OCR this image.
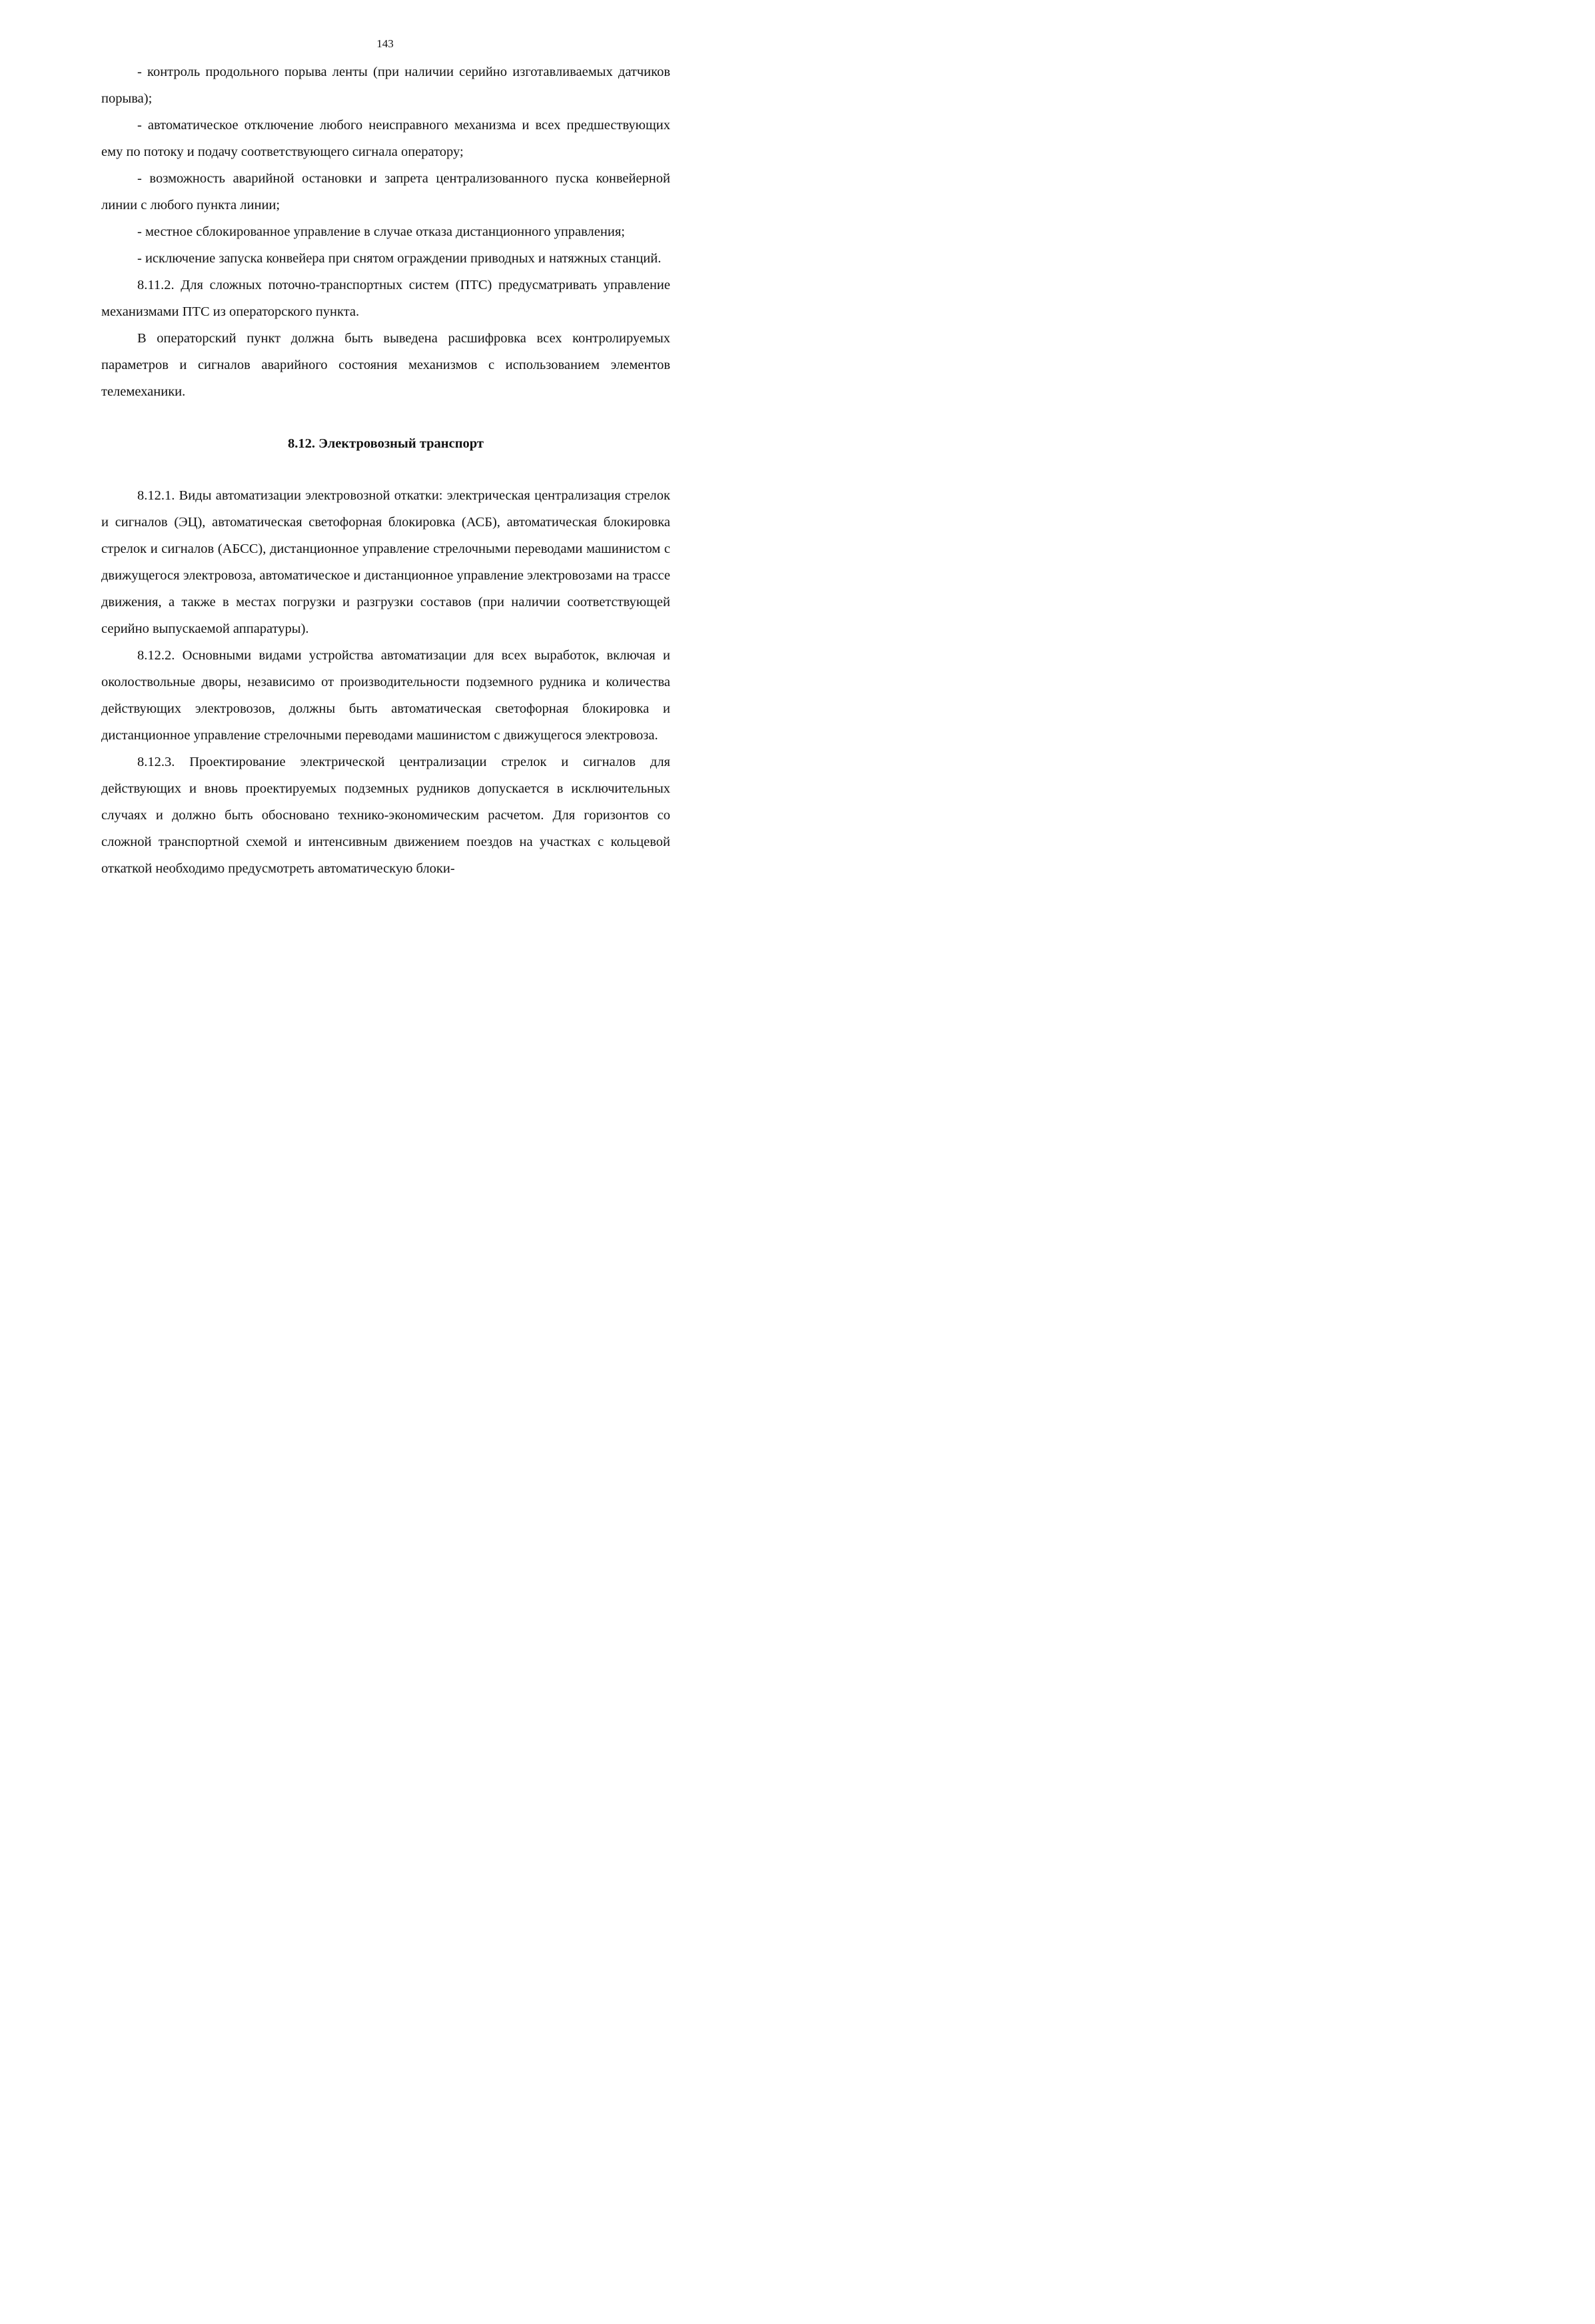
143

- контроль продольного порыва ленты (при наличии серийно изготавливаемых датчиков порыва);

- автоматическое отключение любого неисправного механизма и всех предшествующих ему по потоку и подачу соответствующего сигнала оператору;

- возможность аварийной остановки и запрета централизованного пуска конвейерной линии с любого пункта линии;

- местное сблокированное управление в случае отказа дистанционного управления;

- исключение запуска конвейера при снятом ограждении приводных и натяжных станций.

8.11.2. Для сложных поточно-транспортных систем (ПТС) предусматривать управление механизмами ПТС из операторского пункта.

В операторский пункт должна быть выведена расшифровка всех контролируемых параметров и сигналов аварийного состояния механизмов с использованием элементов телемеханики.

8.12. Электровозный транспорт

8.12.1. Виды автоматизации электровозной откатки: электрическая централизация стрелок и сигналов (ЭЦ), автоматическая светофорная блокировка (АСБ), автоматическая блокировка стрелок и сигналов (АБСС), дистанционное управление стрелочными переводами машинистом с движущегося электровоза, автоматическое и дистанционное управление электровозами на трассе движения, а также в местах погрузки и разгрузки составов (при наличии соответствующей серийно выпускаемой аппаратуры).

8.12.2. Основными видами устройства автоматизации для всех выработок, включая и околоствольные дворы, независимо от производительности подземного рудника и количества действующих электровозов, должны быть автоматическая светофорная блокировка и дистанционное управление стрелочными переводами машинистом с движущегося электровоза.

8.12.3. Проектирование электрической централизации стрелок и сигналов для действующих и вновь проектируемых подземных рудников допускается в исключительных случаях и должно быть обосновано технико-экономическим расчетом. Для горизонтов со сложной транспортной схемой и интенсивным движением поездов на участках с кольцевой откаткой необходимо предусмотреть автоматическую блоки-
